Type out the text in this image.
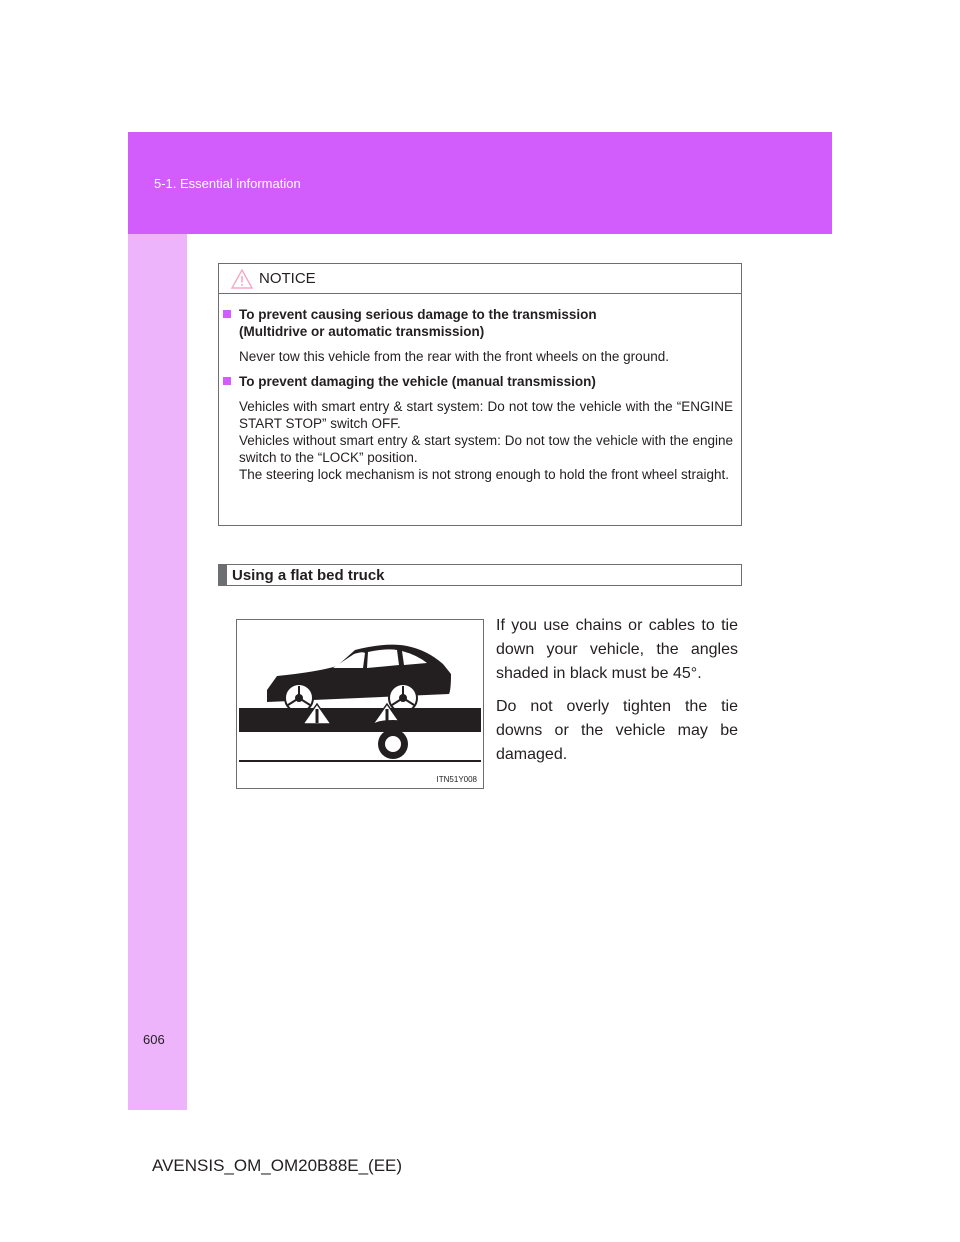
5-1. Essential information
NOTICE
To prevent causing serious damage to the transmission
(Multidrive or automatic transmission)
Never tow this vehicle from the rear with the front wheels on the ground.
To prevent damaging the vehicle (manual transmission)
Vehicles with smart entry & start system: Do not tow the vehicle with the “ENGINE START STOP” switch OFF.
Vehicles without smart entry & start system: Do not tow the vehicle with the engine switch to the “LOCK” position.
The steering lock mechanism is not strong enough to hold the front wheel straight.
Using a flat bed truck
ITN51Y008

If you use chains or cables to tie down your vehicle, the angles shaded in black must be 45°.

Do not overly tighten the tie downs or the vehicle may be damaged.

606
AVENSIS_OM_OM20B88E_(EE)
